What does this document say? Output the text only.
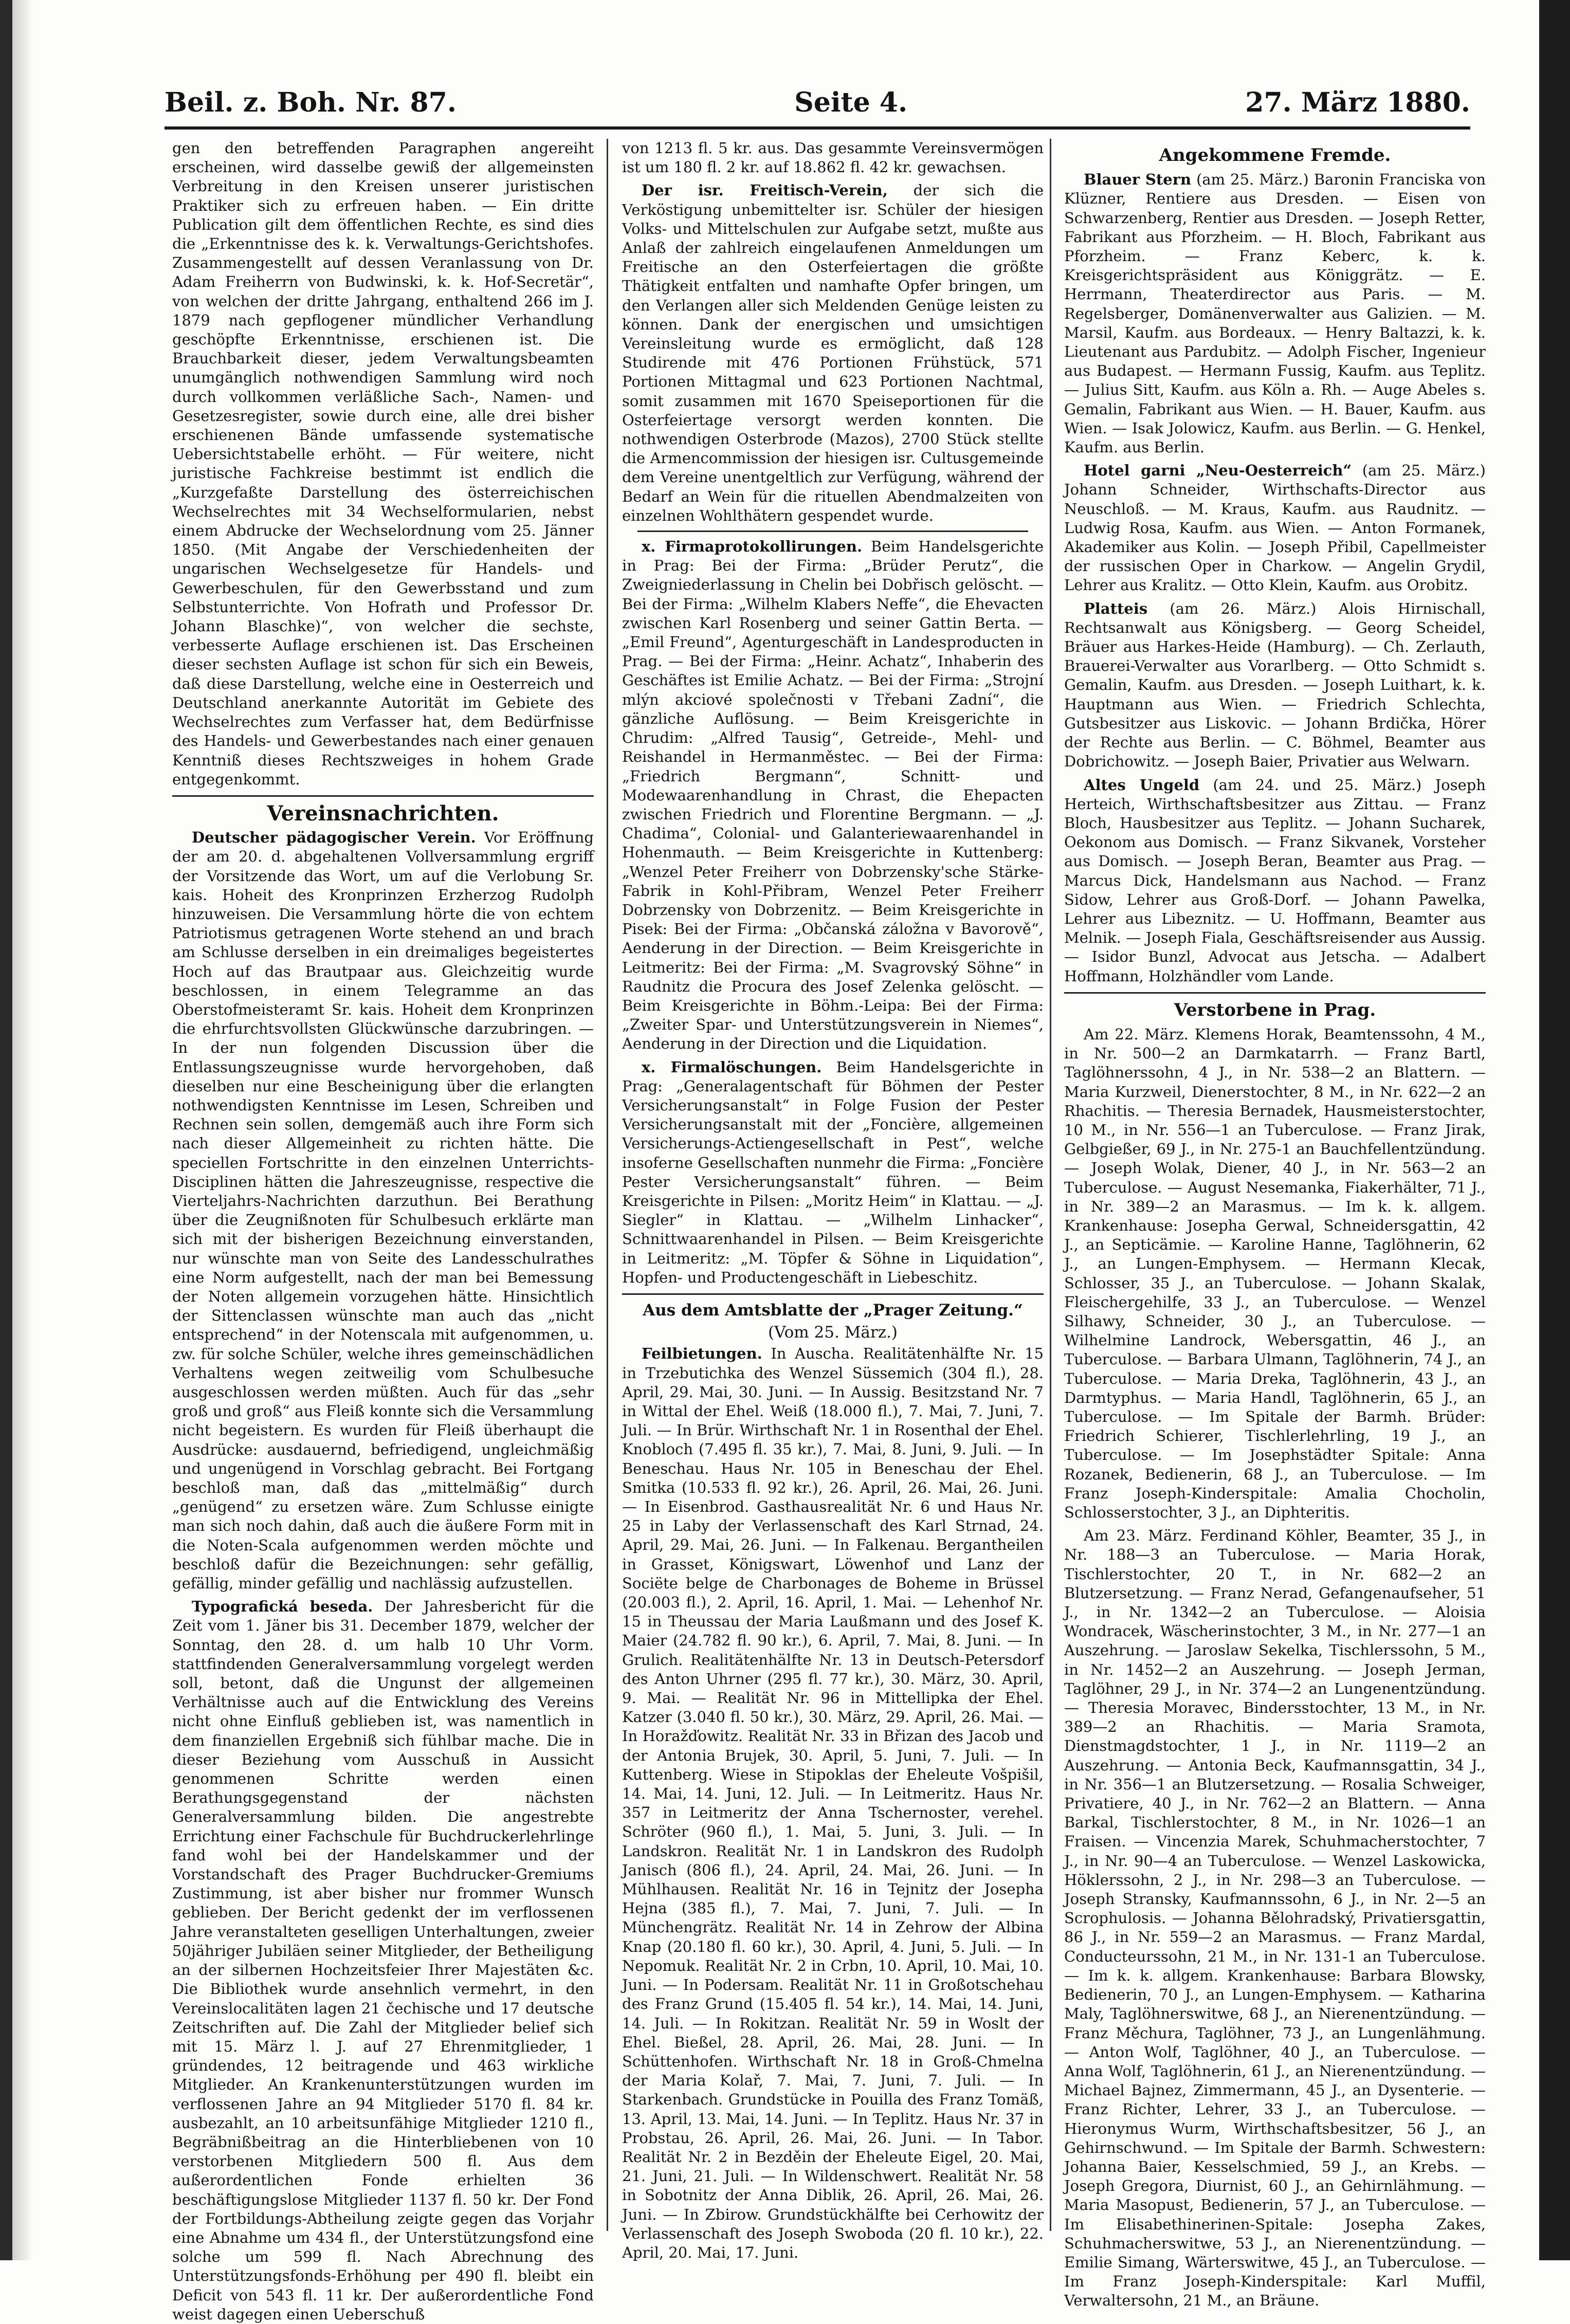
Beil. z. Boh. Nr. 87.	Seite 4.	27. März 1880.

gen den betreffenden Paragraphen angereiht erscheinen, wird dasselbe gewiß der allgemeinsten Verbreitung in den Kreisen unserer juristischen Praktiker sich zu erfreuen haben. — Ein dritte Publication gilt dem öffentlichen Rechte, es sind dies die „Erkenntnisse des k. k. Verwaltungs-Gerichtshofes. Zusammengestellt auf dessen Veranlassung von Dr. Adam Freiherrn von Budwinski, k. k. Hof-Secretär“, von welchen der dritte Jahrgang, enthaltend 266 im J. 1879 nach gepflogener mündlicher Verhandlung geschöpfte Erkenntnisse, erschienen ist. Die Brauchbarkeit dieser, jedem Verwaltungsbeamten unumgänglich nothwendigen Sammlung wird noch durch vollkommen verläßliche Sach-, Namen- und Gesetzesregister, sowie durch eine, alle drei bisher erschienenen Bände umfassende systematische Uebersichtstabelle erhöht. — Für weitere, nicht juristische Fachkreise bestimmt ist endlich die „Kurzgefaßte Darstellung des österreichischen Wechselrechtes mit 34 Wechselformularien, nebst einem Abdrucke der Wechselordnung vom 25. Jänner 1850. (Mit Angabe der Verschiedenheiten der ungarischen Wechselgesetze für Handels- und Gewerbeschulen, für den Gewerbsstand und zum Selbstunterrichte. Von Hofrath und Professor Dr. Johann Blaschke)“, von welcher die sechste, verbesserte Auflage erschienen ist. Das Erscheinen dieser sechsten Auflage ist schon für sich ein Beweis, daß diese Darstellung, welche eine in Oesterreich und Deutschland anerkannte Autorität im Gebiete des Wechselrechtes zum Verfasser hat, dem Bedürfnisse des Handels- und Gewerbestandes nach einer genauen Kenntniß dieses Rechtszweiges in hohem Grade entgegenkommt.

Vereinsnachrichten.

Deutscher pädagogischer Verein. Vor Eröffnung der am 20. d. abgehaltenen Vollversammlung ergriff der Vorsitzende das Wort, um auf die Verlobung Sr. kais. Hoheit des Kronprinzen Erzherzog Rudolph hinzuweisen. Die Versammlung hörte die von echtem Patriotismus getragenen Worte stehend an und brach am Schlusse derselben in ein dreimaliges begeistertes Hoch auf das Brautpaar aus. Gleichzeitig wurde beschlossen, in einem Telegramme an das Oberstofmeisteramt Sr. kais. Hoheit dem Kronprinzen die ehrfurchtsvollsten Glückwünsche darzubringen. — In der nun folgenden Discussion über die Entlassungszeugnisse wurde hervorgehoben, daß dieselben nur eine Bescheinigung über die erlangten nothwendigsten Kenntnisse im Lesen, Schreiben und Rechnen sein sollen, demgemäß auch ihre Form sich nach dieser Allgemeinheit zu richten hätte. Die speciellen Fortschritte in den einzelnen Unterrichts-Disciplinen hätten die Jahreszeugnisse, respective die Vierteljahrs-Nachrichten darzuthun. Bei Berathung über die Zeugnißnoten für Schulbesuch erklärte man sich mit der bisherigen Bezeichnung einverstanden, nur wünschte man von Seite des Landesschulrathes eine Norm aufgestellt, nach der man bei Bemessung der Noten allgemein vorzugehen hätte. Hinsichtlich der Sittenclassen wünschte man auch das „nicht entsprechend“ in der Notenscala mit aufgenommen, u. zw. für solche Schüler, welche ihres gemeinschädlichen Verhaltens wegen zeitweilig vom Schulbesuche ausgeschlossen werden müßten. Auch für das „sehr groß und groß“ aus Fleiß konnte sich die Versammlung nicht begeistern. Es wurden für Fleiß überhaupt die Ausdrücke: ausdauernd, befriedigend, ungleichmäßig und ungenügend in Vorschlag gebracht. Bei Fortgang beschloß man, daß das „mittelmäßig“ durch „genügend“ zu ersetzen wäre. Zum Schlusse einigte man sich noch dahin, daß auch die äußere Form mit in die Noten-Scala aufgenommen werden möchte und beschloß dafür die Bezeichnungen: sehr gefällig, gefällig, minder gefällig und nachlässig aufzustellen.

Typografická beseda. Der Jahresbericht für die Zeit vom 1. Jäner bis 31. December 1879, welcher der Sonntag, den 28. d. um halb 10 Uhr Vorm. stattfindenden Generalversammlung vorgelegt werden soll, betont, daß die Ungunst der allgemeinen Verhältnisse auch auf die Entwicklung des Vereins nicht ohne Einfluß geblieben ist, was namentlich in dem finanziellen Ergebniß sich fühlbar mache. Die in dieser Beziehung vom Ausschuß in Aussicht genommenen Schritte werden einen Berathungsgegenstand der nächsten Generalversammlung bilden. Die angestrebte Errichtung einer Fachschule für Buchdruckerlehrlinge fand wohl bei der Handelskammer und der Vorstandschaft des Prager Buchdrucker-Gremiums Zustimmung, ist aber bisher nur frommer Wunsch geblieben. Der Bericht gedenkt der im verflossenen Jahre veranstalteten geselligen Unterhaltungen, zweier 50jähriger Jubiläen seiner Mitglieder, der Betheiligung an der silbernen Hochzeitsfeier Ihrer Majestäten &c. Die Bibliothek wurde ansehnlich vermehrt, in den Vereinslocalitäten lagen 21 čechische und 17 deutsche Zeitschriften auf. Die Zahl der Mitglieder belief sich mit 15. März l. J. auf 27 Ehrenmitglieder, 1 gründendes, 12 beitragende und 463 wirkliche Mitglieder. An Krankenunterstützungen wurden im verflossenen Jahre an 94 Mitglieder 5170 fl. 84 kr. ausbezahlt, an 10 arbeitsunfähige Mitglieder 1210 fl., Begräbnißbeitrag an die Hinterbliebenen von 10 verstorbenen Mitgliedern 500 fl. Aus dem außerordentlichen Fonde erhielten 36 beschäftigungslose Mitglieder 1137 fl. 50 kr. Der Fond der Fortbildungs-Abtheilung zeigte gegen das Vorjahr eine Abnahme um 434 fl., der Unterstützungsfond eine solche um 599 fl. Nach Abrechnung des Unterstützungsfonds-Erhöhung per 490 fl. bleibt ein Deficit von 543 fl. 11 kr. Der außerordentliche Fond weist dagegen einen Ueberschuß

von 1213 fl. 5 kr. aus. Das gesammte Vereinsvermögen ist um 180 fl. 2 kr. auf 18.862 fl. 42 kr. gewachsen.

Der isr. Freitisch-Verein, der sich die Verköstigung unbemittelter isr. Schüler der hiesigen Volks- und Mittelschulen zur Aufgabe setzt, mußte aus Anlaß der zahlreich eingelaufenen Anmeldungen um Freitische an den Osterfeiertagen die größte Thätigkeit entfalten und namhafte Opfer bringen, um den Verlangen aller sich Meldenden Genüge leisten zu können. Dank der energischen und umsichtigen Vereinsleitung wurde es ermöglicht, daß 128 Studirende mit 476 Portionen Frühstück, 571 Portionen Mittagmal und 623 Portionen Nachtmal, somit zusammen mit 1670 Speiseportionen für die Osterfeiertage versorgt werden konnten. Die nothwendigen Osterbrode (Mazos), 2700 Stück stellte die Armencommission der hiesigen isr. Cultusgemeinde dem Vereine unentgeltlich zur Verfügung, während der Bedarf an Wein für die rituellen Abendmalzeiten von einzelnen Wohlthätern gespendet wurde.

x. Firmaprotokollirungen. Beim Handelsgerichte in Prag: Bei der Firma: „Brüder Perutz“, die Zweigniederlassung in Chelin bei Dobřisch gelöscht. — Bei der Firma: „Wilhelm Klabers Neffe“, die Ehevacten zwischen Karl Rosenberg und seiner Gattin Berta. — „Emil Freund“, Agenturgeschäft in Landesproducten in Prag. — Bei der Firma: „Heinr. Achatz“, Inhaberin des Geschäftes ist Emilie Achatz. — Bei der Firma: „Strojní mlýn akciové společnosti v Třebani Zadní“, die gänzliche Auflösung. — Beim Kreisgerichte in Chrudim: „Alfred Tausig“, Getreide-, Mehl- und Reishandel in Hermanměstec. — Bei der Firma: „Friedrich Bergmann“, Schnitt- und Modewaarenhandlung in Chrast, die Ehepacten zwischen Friedrich und Florentine Bergmann. — „J. Chadima“, Colonial- und Galanteriewaarenhandel in Hohenmauth. — Beim Kreisgerichte in Kuttenberg: „Wenzel Peter Freiherr von Dobrzensky'sche Stärke-Fabrik in Kohl-Přibram, Wenzel Peter Freiherr Dobrzensky von Dobrzenitz. — Beim Kreisgerichte in Pisek: Bei der Firma: „Občanská záložna v Bavorově“, Aenderung in der Direction. — Beim Kreisgerichte in Leitmeritz: Bei der Firma: „M. Svagrovský Söhne“ in Raudnitz die Procura des Josef Zelenka gelöscht. — Beim Kreisgerichte in Böhm.-Leipa: Bei der Firma: „Zweiter Spar- und Unterstützungsverein in Niemes“, Aenderung in der Direction und die Liquidation.

x. Firmalöschungen. Beim Handelsgerichte in Prag: „Generalagentschaft für Böhmen der Pester Versicherungsanstalt“ in Folge Fusion der Pester Versicherungsanstalt mit der „Foncière, allgemeinen Versicherungs-Actiengesellschaft in Pest“, welche insoferne Gesellschaften nunmehr die Firma: „Foncière Pester Versicherungsanstalt“ führen. — Beim Kreisgerichte in Pilsen: „Moritz Heim“ in Klattau. — „J. Siegler“ in Klattau. — „Wilhelm Linhacker“, Schnittwaarenhandel in Pilsen. — Beim Kreisgerichte in Leitmeritz: „M. Töpfer & Söhne in Liquidation“, Hopfen- und Productengeschäft in Liebeschitz.

Aus dem Amtsblatte der „Prager Zeitung.“
(Vom 25. März.)

Feilbietungen. In Auscha. Realitätenhälfte Nr. 15 in Trzebutichka des Wenzel Süssemich (304 fl.), 28. April, 29. Mai, 30. Juni. — In Aussig. Besitzstand Nr. 7 in Wittal der Ehel. Weiß (18.000 fl.), 7. Mai, 7. Juni, 7. Juli. — In Brür. Wirthschaft Nr. 1 in Rosenthal der Ehel. Knobloch (7.495 fl. 35 kr.), 7. Mai, 8. Juni, 9. Juli. — In Beneschau. Haus Nr. 105 in Beneschau der Ehel. Smitka (10.533 fl. 92 kr.), 26. April, 26. Mai, 26. Juni. — In Eisenbrod. Gasthausrealität Nr. 6 und Haus Nr. 25 in Laby der Verlassenschaft des Karl Strnad, 24. April, 29. Mai, 26. Juni. — In Falkenau. Bergantheilen in Grasset, Königswart, Löwenhof und Lanz der Sociëte belge de Charbonages de Boheme in Brüssel (20.003 fl.), 2. April, 16. April, 1. Mai. — Lehenhof Nr. 15 in Theussau der Maria Laußmann und des Josef K. Maier (24.782 fl. 90 kr.), 6. April, 7. Mai, 8. Juni. — In Grulich. Realitätenhälfte Nr. 13 in Deutsch-Petersdorf des Anton Uhrner (295 fl. 77 kr.), 30. März, 30. April, 9. Mai. — Realität Nr. 96 in Mittellipka der Ehel. Katzer (3.040 fl. 50 kr.), 30. März, 29. April, 26. Mai. — In Horažďowitz. Realität Nr. 33 in Břizan des Jacob und der Antonia Brujek, 30. April, 5. Juni, 7. Juli. — In Kuttenberg. Wiese in Stipoklas der Eheleute Vošpišil, 14. Mai, 14. Juni, 12. Juli. — In Leitmeritz. Haus Nr. 357 in Leitmeritz der Anna Tschernoster, verehel. Schröter (960 fl.), 1. Mai, 5. Juni, 3. Juli. — In Landskron. Realität Nr. 1 in Landskron des Rudolph Janisch (806 fl.), 24. April, 24. Mai, 26. Juni. — In Mühlhausen. Realität Nr. 16 in Tejnitz der Josepha Hejna (385 fl.), 7. Mai, 7. Juni, 7. Juli. — In Münchengrätz. Realität Nr. 14 in Zehrow der Albina Knap (20.180 fl. 60 kr.), 30. April, 4. Juni, 5. Juli. — In Nepomuk. Realität Nr. 2 in Crbn, 10. April, 10. Mai, 10. Juni. — In Podersam. Realität Nr. 11 in Großotschehau des Franz Grund (15.405 fl. 54 kr.), 14. Mai, 14. Juni, 14. Juli. — In Rokitzan. Realität Nr. 59 in Woslt der Ehel. Bießel, 28. April, 26. Mai, 28. Juni. — In Schüttenhofen. Wirthschaft Nr. 18 in Groß-Chmelna der Maria Kolař, 7. Mai, 7. Juni, 7. Juli. — In Starkenbach. Grundstücke in Pouilla des Franz Tomäß, 13. April, 13. Mai, 14. Juni. — In Teplitz. Haus Nr. 37 in Probstau, 26. April, 26. Mai, 26. Juni. — In Tabor. Realität Nr. 2 in Bezděin der Eheleute Eigel, 20. Mai, 21. Juni, 21. Juli. — In Wildenschwert. Realität Nr. 58 in Sobotnitz der Anna Diblik, 26. April, 26. Mai, 26. Juni. — In Zbirow. Grundstückhälfte bei Cerhowitz der Verlassenschaft des Joseph Swoboda (20 fl. 10 kr.), 22. April, 20. Mai, 17. Juni.

Angekommene Fremde.

Blauer Stern (am 25. März.) Baronin Franciska von Klüzner, Rentiere aus Dresden. — Eisen von Schwarzenberg, Rentier aus Dresden. — Joseph Retter, Fabrikant aus Pforzheim. — H. Bloch, Fabrikant aus Pforzheim. — Franz Keberc, k. k. Kreisgerichtspräsident aus Königgrätz. — E. Herrmann, Theaterdirector aus Paris. — M. Regelsberger, Domänenverwalter aus Galizien. — M. Marsil, Kaufm. aus Bordeaux. — Henry Baltazzi, k. k. Lieutenant aus Pardubitz. — Adolph Fischer, Ingenieur aus Budapest. — Hermann Fussig, Kaufm. aus Teplitz. — Julius Sitt, Kaufm. aus Köln a. Rh. — Auge Abeles s. Gemalin, Fabrikant aus Wien. — H. Bauer, Kaufm. aus Wien. — Isak Jolowicz, Kaufm. aus Berlin. — G. Henkel, Kaufm. aus Berlin.

Hotel garni „Neu-Oesterreich“ (am 25. März.) Johann Schneider, Wirthschafts-Director aus Neuschloß. — M. Kraus, Kaufm. aus Raudnitz. — Ludwig Rosa, Kaufm. aus Wien. — Anton Formanek, Akademiker aus Kolin. — Joseph Přibil, Capellmeister der russischen Oper in Charkow. — Angelin Grydil, Lehrer aus Kralitz. — Otto Klein, Kaufm. aus Orobitz.

Platteis (am 26. März.) Alois Hirnischall, Rechtsanwalt aus Königsberg. — Georg Scheidel, Bräuer aus Harkes-Heide (Hamburg). — Ch. Zerlauth, Brauerei-Verwalter aus Vorarlberg. — Otto Schmidt s. Gemalin, Kaufm. aus Dresden. — Joseph Luithart, k. k. Hauptmann aus Wien. — Friedrich Schlechta, Gutsbesitzer aus Liskovic. — Johann Brdička, Hörer der Rechte aus Berlin. — C. Böhmel, Beamter aus Dobrichowitz. — Joseph Baier, Privatier aus Welwarn.

Altes Ungeld (am 24. und 25. März.) Joseph Herteich, Wirthschaftsbesitzer aus Zittau. — Franz Bloch, Hausbesitzer aus Teplitz. — Johann Sucharek, Oekonom aus Domisch. — Franz Sikvanek, Vorsteher aus Domisch. — Joseph Beran, Beamter aus Prag. — Marcus Dick, Handelsmann aus Nachod. — Franz Sidow, Lehrer aus Groß-Dorf. — Johann Pawelka, Lehrer aus Libeznitz. — U. Hoffmann, Beamter aus Melnik. — Joseph Fiala, Geschäftsreisender aus Aussig. — Isidor Bunzl, Advocat aus Jetscha. — Adalbert Hoffmann, Holzhändler vom Lande.

Verstorbene in Prag.

Am 22. März. Klemens Horak, Beamtenssohn, 4 M., in Nr. 500—2 an Darmkatarrh. — Franz Bartl, Taglöhnerssohn, 4 J., in Nr. 538—2 an Blattern. — Maria Kurzweil, Dienerstochter, 8 M., in Nr. 622—2 an Rhachitis. — Theresia Bernadek, Hausmeisterstochter, 10 M., in Nr. 556—1 an Tuberculose. — Franz Jirak, Gelbgießer, 69 J., in Nr. 275-1 an Bauchfellentzündung. — Joseph Wolak, Diener, 40 J., in Nr. 563—2 an Tuberculose. — August Nesemanka, Fiakerhälter, 71 J., in Nr. 389—2 an Marasmus. — Im k. k. allgem. Krankenhause: Josepha Gerwal, Schneidersgattin, 42 J., an Septicämie. — Karoline Hanne, Taglöhnerin, 62 J., an Lungen-Emphysem. — Hermann Klecak, Schlosser, 35 J., an Tuberculose. — Johann Skalak, Fleischergehilfe, 33 J., an Tuberculose. — Wenzel Silhawy, Schneider, 30 J., an Tuberculose. — Wilhelmine Landrock, Webersgattin, 46 J., an Tuberculose. — Barbara Ulmann, Taglöhnerin, 74 J., an Tuberculose. — Maria Dreka, Taglöhnerin, 43 J., an Darmtyphus. — Maria Handl, Taglöhnerin, 65 J., an Tuberculose. — Im Spitale der Barmh. Brüder: Friedrich Schierer, Tischlerlehrling, 19 J., an Tuberculose. — Im Josephstädter Spitale: Anna Rozanek, Bedienerin, 68 J., an Tuberculose. — Im Franz Joseph-Kinderspitale: Amalia Chocholin, Schlosserstochter, 3 J., an Diphteritis.

Am 23. März. Ferdinand Köhler, Beamter, 35 J., in Nr. 188—3 an Tuberculose. — Maria Horak, Tischlerstochter, 20 T., in Nr. 682—2 an Blutzersetzung. — Franz Nerad, Gefangenaufseher, 51 J., in Nr. 1342—2 an Tuberculose. — Aloisia Wondracek, Wäscherinstochter, 3 M., in Nr. 277—1 an Auszehrung. — Jaroslaw Sekelka, Tischlerssohn, 5 M., in Nr. 1452—2 an Auszehrung. — Joseph Jerman, Taglöhner, 29 J., in Nr. 374—2 an Lungenentzündung. — Theresia Moravec, Bindersstochter, 13 M., in Nr. 389—2 an Rhachitis. — Maria Sramota, Dienstmagdstochter, 1 J., in Nr. 1119—2 an Auszehrung. — Antonia Beck, Kaufmannsgattin, 34 J., in Nr. 356—1 an Blutzersetzung. — Rosalia Schweiger, Privatiere, 40 J., in Nr. 762—2 an Blattern. — Anna Barkal, Tischlerstochter, 8 M., in Nr. 1026—1 an Fraisen. — Vincenzia Marek, Schuhmacherstochter, 7 J., in Nr. 90—4 an Tuberculose. — Wenzel Laskowicka, Höklerssohn, 2 J., in Nr. 298—3 an Tuberculose. — Joseph Stransky, Kaufmannssohn, 6 J., in Nr. 2—5 an Scrophulosis. — Johanna Bělohradský, Privatiersgattin, 86 J., in Nr. 559—2 an Marasmus. — Franz Mardal, Conducteurssohn, 21 M., in Nr. 131-1 an Tuberculose. — Im k. k. allgem. Krankenhause: Barbara Blowsky, Bedienerin, 70 J., an Lungen-Emphysem. — Katharina Maly, Taglöhnerswitwe, 68 J., an Nierenentzündung. — Franz Měchura, Taglöhner, 73 J., an Lungenlähmung. — Anton Wolf, Taglöhner, 40 J., an Tuberculose. — Anna Wolf, Taglöhnerin, 61 J., an Nierenentzündung. — Michael Bajnez, Zimmermann, 45 J., an Dysenterie. — Franz Richter, Lehrer, 33 J., an Tuberculose. — Hieronymus Wurm, Wirthschaftsbesitzer, 56 J., an Gehirnschwund. — Im Spitale der Barmh. Schwestern: Johanna Baier, Kesselschmied, 59 J., an Krebs. — Joseph Gregora, Diurnist, 60 J., an Gehirnlähmung. — Maria Masopust, Bedienerin, 57 J., an Tuberculose. — Im Elisabethinerinen-Spitale: Josepha Zakes, Schuhmacherswitwe, 53 J., an Nierenentzündung. — Emilie Simang, Wärterswitwe, 45 J., an Tuberculose. — Im Franz Joseph-Kinderspitale: Karl Muffil, Verwaltersohn, 21 M., an Bräune.
